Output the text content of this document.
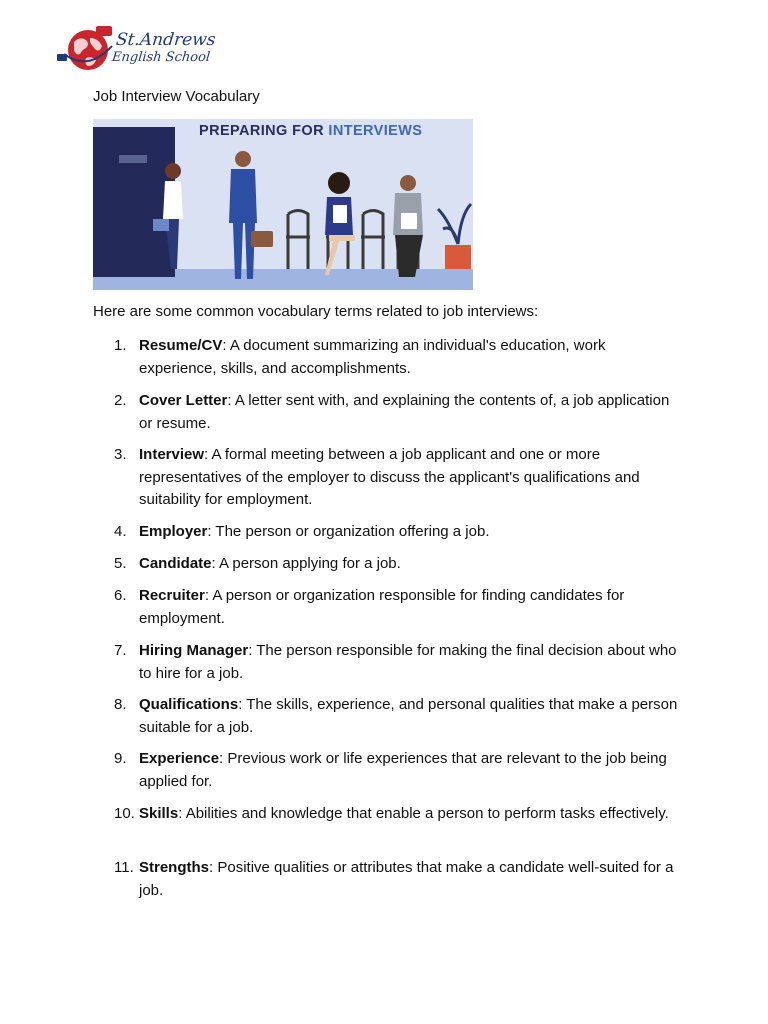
St.Andrews
English School
Job Interview Vocabulary
PREPARING FOR INTERVIEWS
Here are some common vocabulary terms related to job interviews:
1. Resume/CV: A document summarizing an individual's education, work experience, skills, and accomplishments.
2. Cover Letter: A letter sent with, and explaining the contents of, a job application or resume.
3. Interview: A formal meeting between a job applicant and one or more representatives of the employer to discuss the applicant's qualifications and suitability for employment.
4. Employer: The person or organization offering a job.
5. Candidate: A person applying for a job.
6. Recruiter: A person or organization responsible for finding candidates for employment.
7. Hiring Manager: The person responsible for making the final decision about who to hire for a job.
8. Qualifications: The skills, experience, and personal qualities that make a person suitable for a job.
9. Experience: Previous work or life experiences that are relevant to the job being applied for.
10. Skills: Abilities and knowledge that enable a person to perform tasks effectively.
11. Strengths: Positive qualities or attributes that make a candidate well-suited for a job.
